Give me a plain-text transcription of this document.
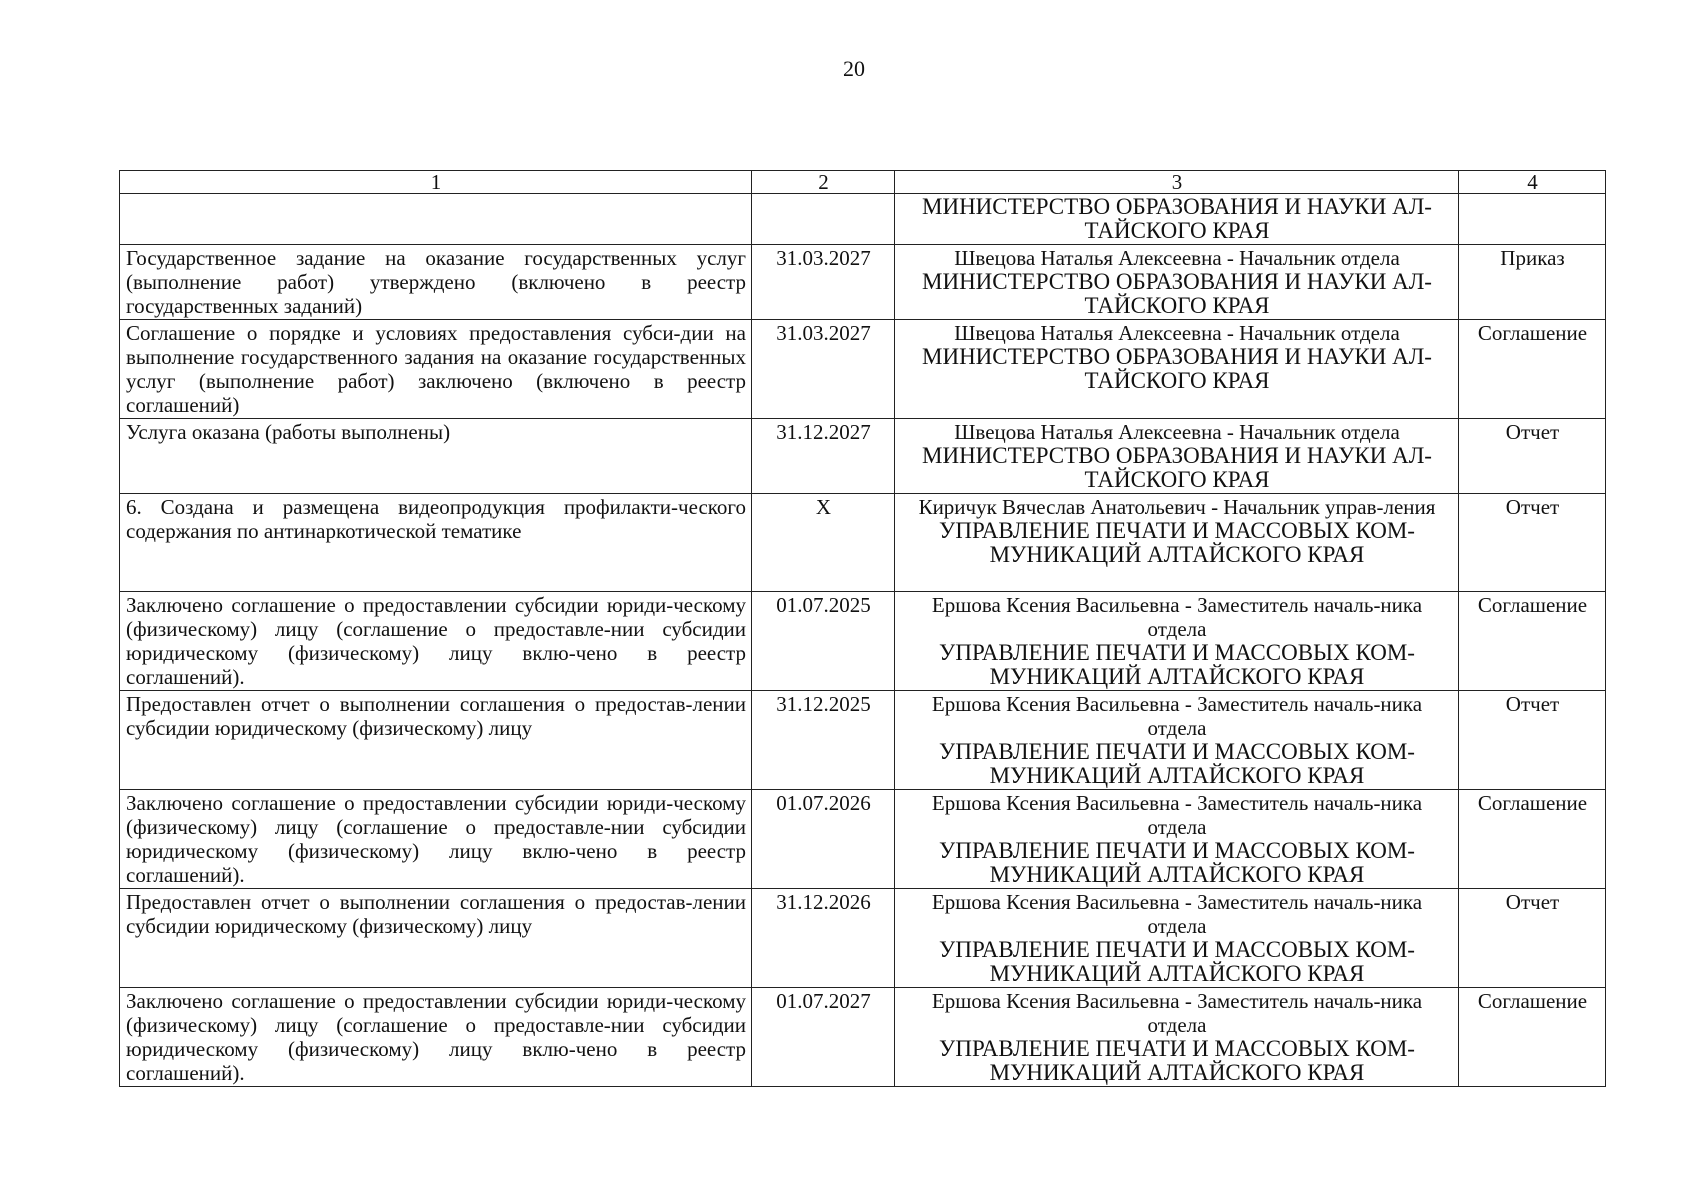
20
1	2	3	4

		МИНИСТЕРСТВО ОБРАЗОВАНИЯ И НАУКИ АЛ-ТАЙСКОГО КРАЯ	

Государственное задание на оказание государственных услуг (выполнение работ) утверждено (включено в реестр государственных заданий)	31.03.2027	Швецова Наталья Алексеевна - Начальник отдела
МИНИСТЕРСТВО ОБРАЗОВАНИЯ И НАУКИ АЛ-ТАЙСКОГО КРАЯ	Приказ
Соглашение о порядке и условиях предоставления субси-дии на выполнение государственного задания на оказание государственных услуг (выполнение работ) заключено (включено в реестр соглашений)	31.03.2027	Швецова Наталья Алексеевна - Начальник отдела
МИНИСТЕРСТВО ОБРАЗОВАНИЯ И НАУКИ АЛ-ТАЙСКОГО КРАЯ	Соглашение
Услуга оказана (работы выполнены)	31.12.2027	Швецова Наталья Алексеевна - Начальник отдела
МИНИСТЕРСТВО ОБРАЗОВАНИЯ И НАУКИ АЛ-ТАЙСКОГО КРАЯ	Отчет
6. Создана и размещена видеопродукция профилакти-ческого содержания по антинаркотической тематике	X	Киричук Вячеслав Анатольевич - Начальник управ-ления
УПРАВЛЕНИЕ ПЕЧАТИ И МАССОВЫХ КОМ-МУНИКАЦИЙ АЛТАЙСКОГО КРАЯ	Отчет
Заключено соглашение о предоставлении субсидии юриди-ческому (физическому) лицу (соглашение о предоставле-нии субсидии юридическому (физическому) лицу вклю-чено в реестр соглашений).	01.07.2025	Ершова Ксения Васильевна - Заместитель началь-ника отдела
УПРАВЛЕНИЕ ПЕЧАТИ И МАССОВЫХ КОМ-МУНИКАЦИЙ АЛТАЙСКОГО КРАЯ	Соглашение
Предоставлен отчет о выполнении соглашения о предостав-лении субсидии юридическому (физическому) лицу	31.12.2025	Ершова Ксения Васильевна - Заместитель началь-ника отдела
УПРАВЛЕНИЕ ПЕЧАТИ И МАССОВЫХ КОМ-МУНИКАЦИЙ АЛТАЙСКОГО КРАЯ	Отчет
Заключено соглашение о предоставлении субсидии юриди-ческому (физическому) лицу (соглашение о предоставле-нии субсидии юридическому (физическому) лицу вклю-чено в реестр соглашений).	01.07.2026	Ершова Ксения Васильевна - Заместитель началь-ника отдела
УПРАВЛЕНИЕ ПЕЧАТИ И МАССОВЫХ КОМ-МУНИКАЦИЙ АЛТАЙСКОГО КРАЯ	Соглашение
Предоставлен отчет о выполнении соглашения о предостав-лении субсидии юридическому (физическому) лицу	31.12.2026	Ершова Ксения Васильевна - Заместитель началь-ника отдела
УПРАВЛЕНИЕ ПЕЧАТИ И МАССОВЫХ КОМ-МУНИКАЦИЙ АЛТАЙСКОГО КРАЯ	Отчет
Заключено соглашение о предоставлении субсидии юриди-ческому (физическому) лицу (соглашение о предоставле-нии субсидии юридическому (физическому) лицу вклю-чено в реестр соглашений).	01.07.2027	Ершова Ксения Васильевна - Заместитель началь-ника отдела
УПРАВЛЕНИЕ ПЕЧАТИ И МАССОВЫХ КОМ-МУНИКАЦИЙ АЛТАЙСКОГО КРАЯ	Соглашение
